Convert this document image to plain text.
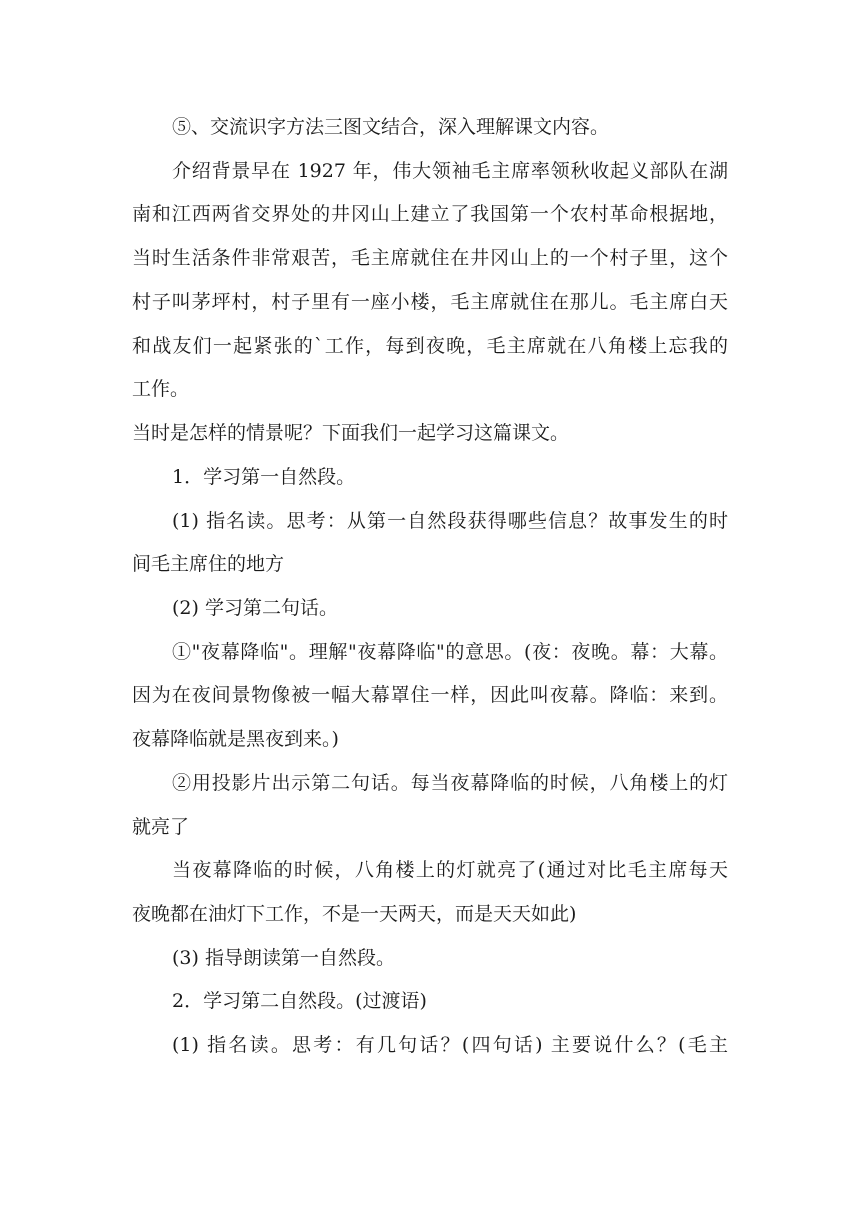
⑤、交流识字方法三图文结合，深入理解课文内容。
介绍背景早在 1927 年，伟大领袖毛主席率领秋收起义部队在湖
南和江西两省交界处的井冈山上建立了我国第一个农村革命根据地，
当时生活条件非常艰苦，毛主席就住在井冈山上的一个村子里，这个
村子叫茅坪村，村子里有一座小楼，毛主席就住在那儿。毛主席白天
和战友们一起紧张的`工作，每到夜晚，毛主席就在八角楼上忘我的
工作。
当时是怎样的情景呢？下面我们一起学习这篇课文。
1．学习第一自然段。
(1) 指名读。思考：从第一自然段获得哪些信息？故事发生的时
间毛主席住的地方
(2) 学习第二句话。
①"夜幕降临"。理解"夜幕降临"的意思。(夜：夜晚。幕：大幕。
因为在夜间景物像被一幅大幕罩住一样，因此叫夜幕。降临：来到。
夜幕降临就是黑夜到来。)
②用投影片出示第二句话。每当夜幕降临的时候，八角楼上的灯
就亮了
当夜幕降临的时候，八角楼上的灯就亮了(通过对比毛主席每天
夜晚都在油灯下工作，不是一天两天，而是天天如此)
(3) 指导朗读第一自然段。
2．学习第二自然段。(过渡语)
(1) 指名读。思考：有几句话？(四句话) 主要说什么？(毛主
